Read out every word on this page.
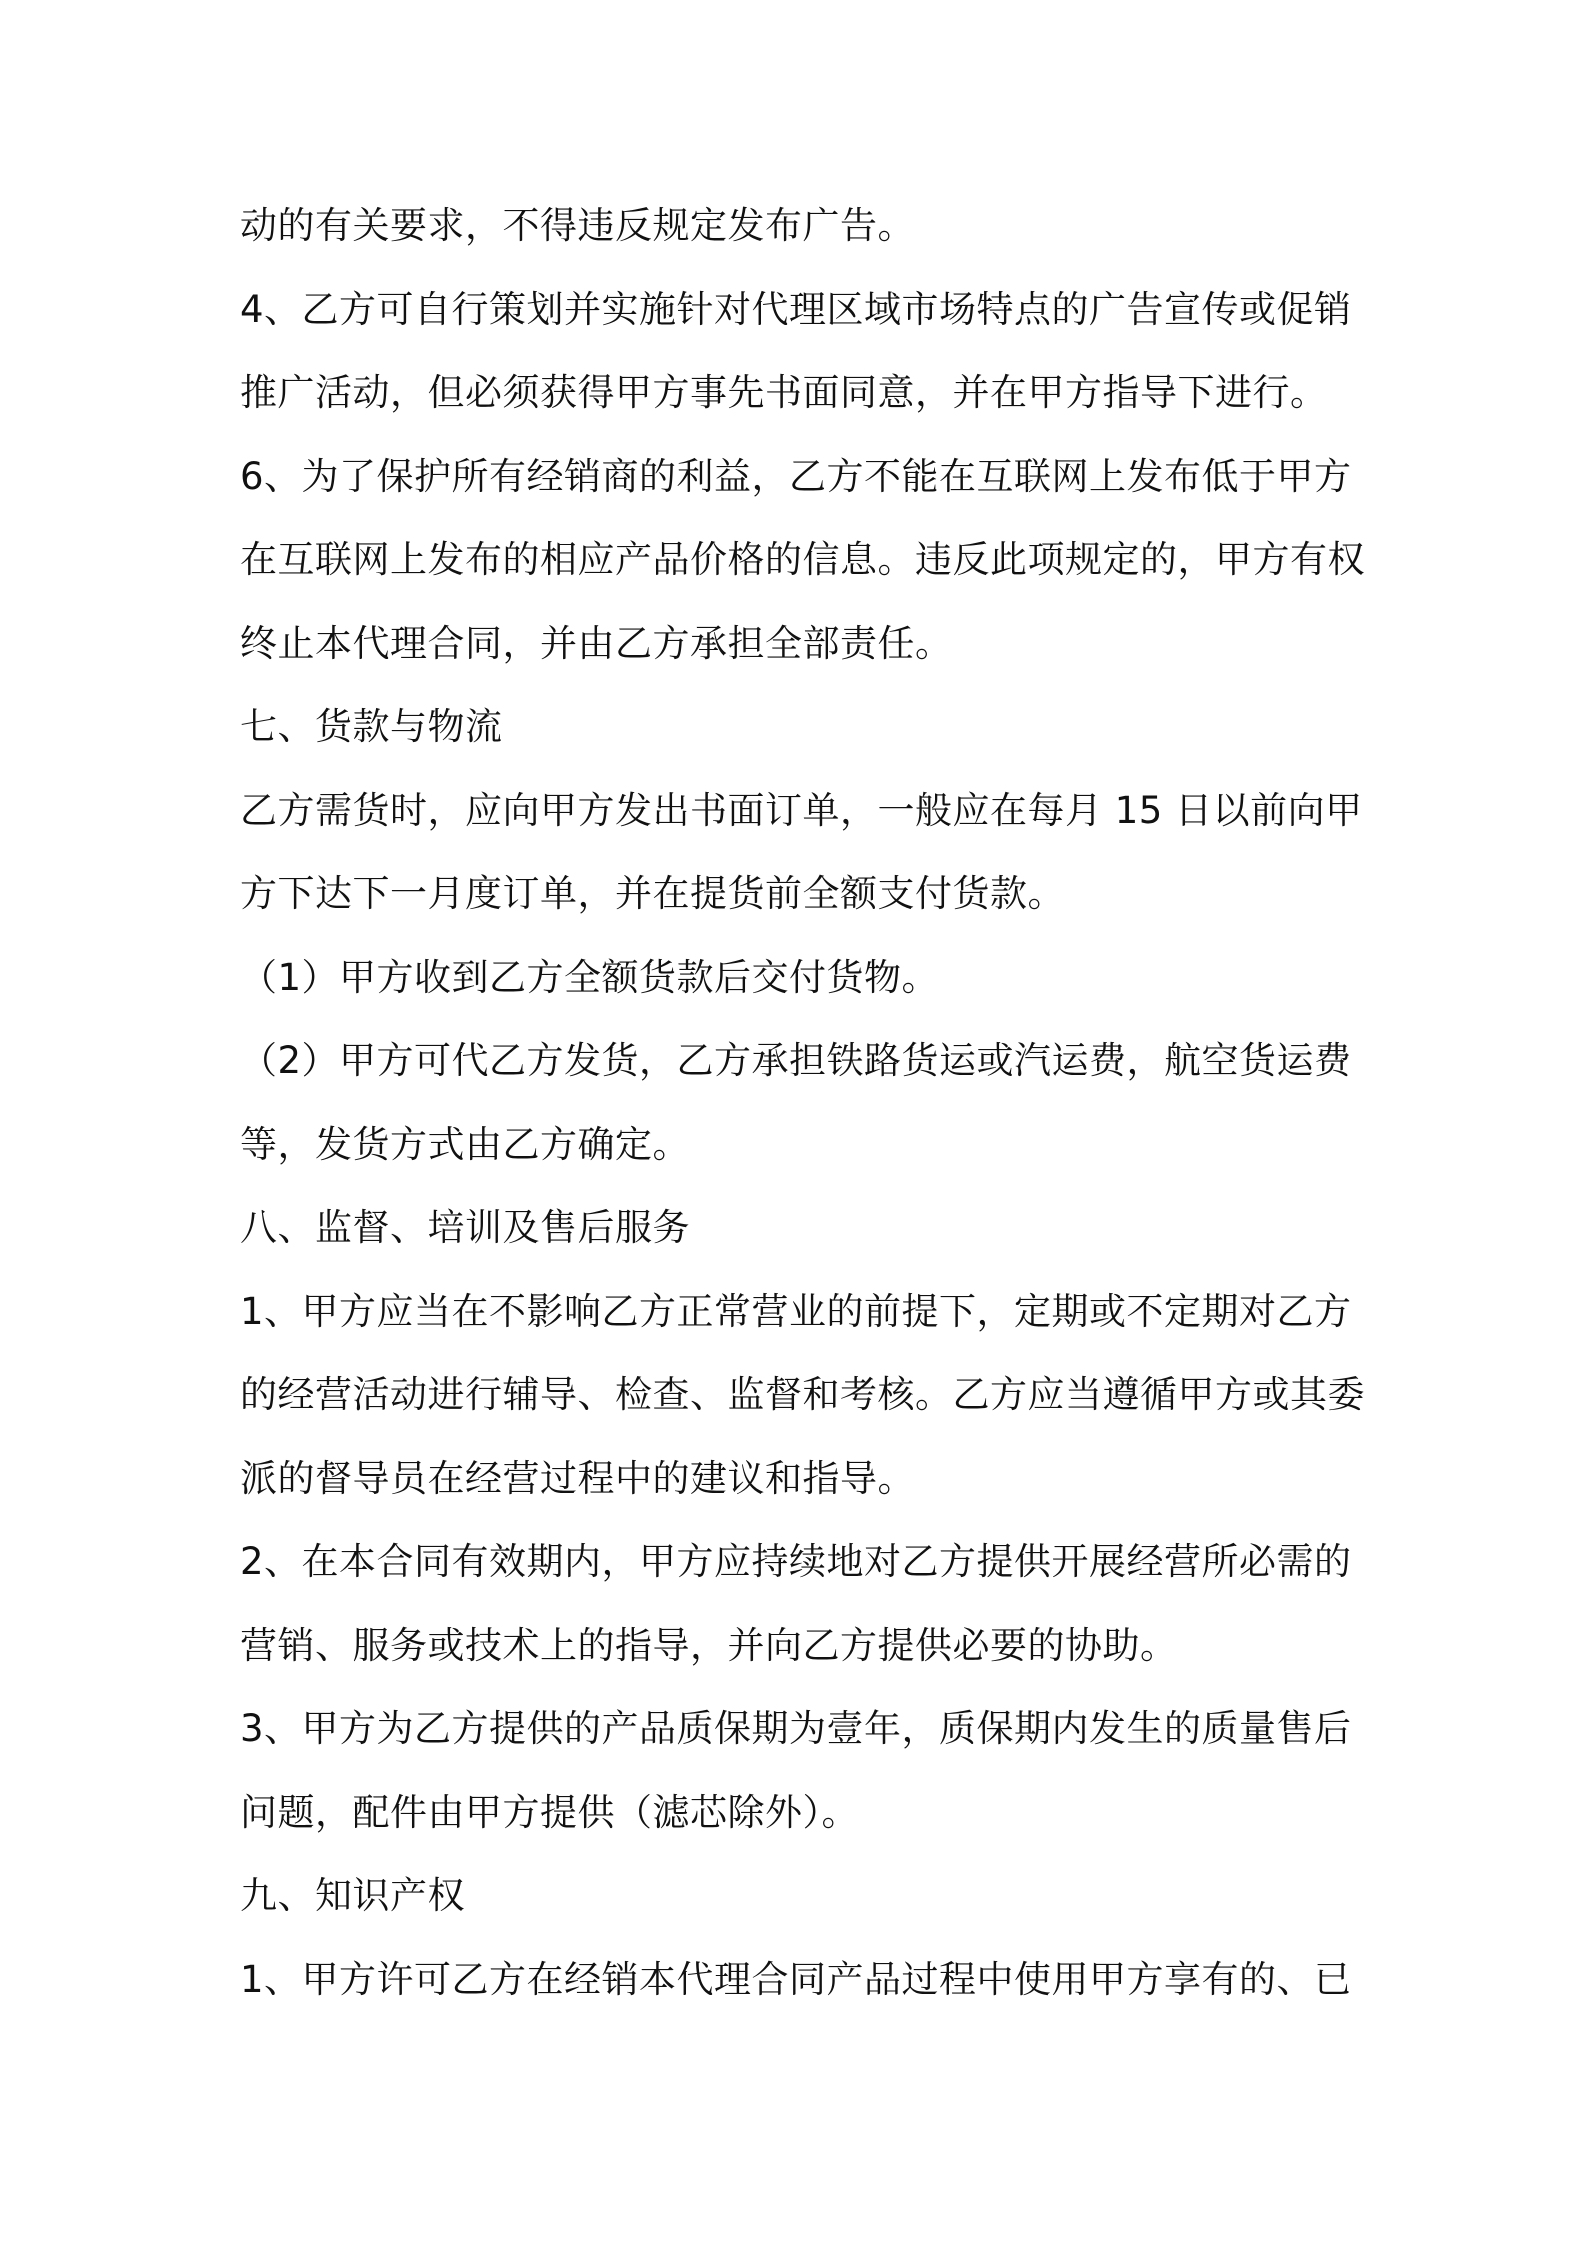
动的有关要求，不得违反规定发布广告。
4、乙方可自行策划并实施针对代理区域市场特点的广告宣传或促销
推广活动，但必须获得甲方事先书面同意，并在甲方指导下进行。
6、为了保护所有经销商的利益，乙方不能在互联网上发布低于甲方
在互联网上发布的相应产品价格的信息。违反此项规定的，甲方有权
终止本代理合同，并由乙方承担全部责任。
七、货款与物流
乙方需货时，应向甲方发出书面订单，一般应在每月 15 日以前向甲
方下达下一月度订单，并在提货前全额支付货款。
（1）甲方收到乙方全额货款后交付货物。
（2）甲方可代乙方发货，乙方承担铁路货运或汽运费，航空货运费
等，发货方式由乙方确定。
八、监督、培训及售后服务
1、甲方应当在不影响乙方正常营业的前提下，定期或不定期对乙方
的经营活动进行辅导、检查、监督和考核。乙方应当遵循甲方或其委
派的督导员在经营过程中的建议和指导。
2、在本合同有效期内，甲方应持续地对乙方提供开展经营所必需的
营销、服务或技术上的指导，并向乙方提供必要的协助。
3、甲方为乙方提供的产品质保期为壹年，质保期内发生的质量售后
问题，配件由甲方提供（滤芯除外）。
九、知识产权
1、甲方许可乙方在经销本代理合同产品过程中使用甲方享有的、已
